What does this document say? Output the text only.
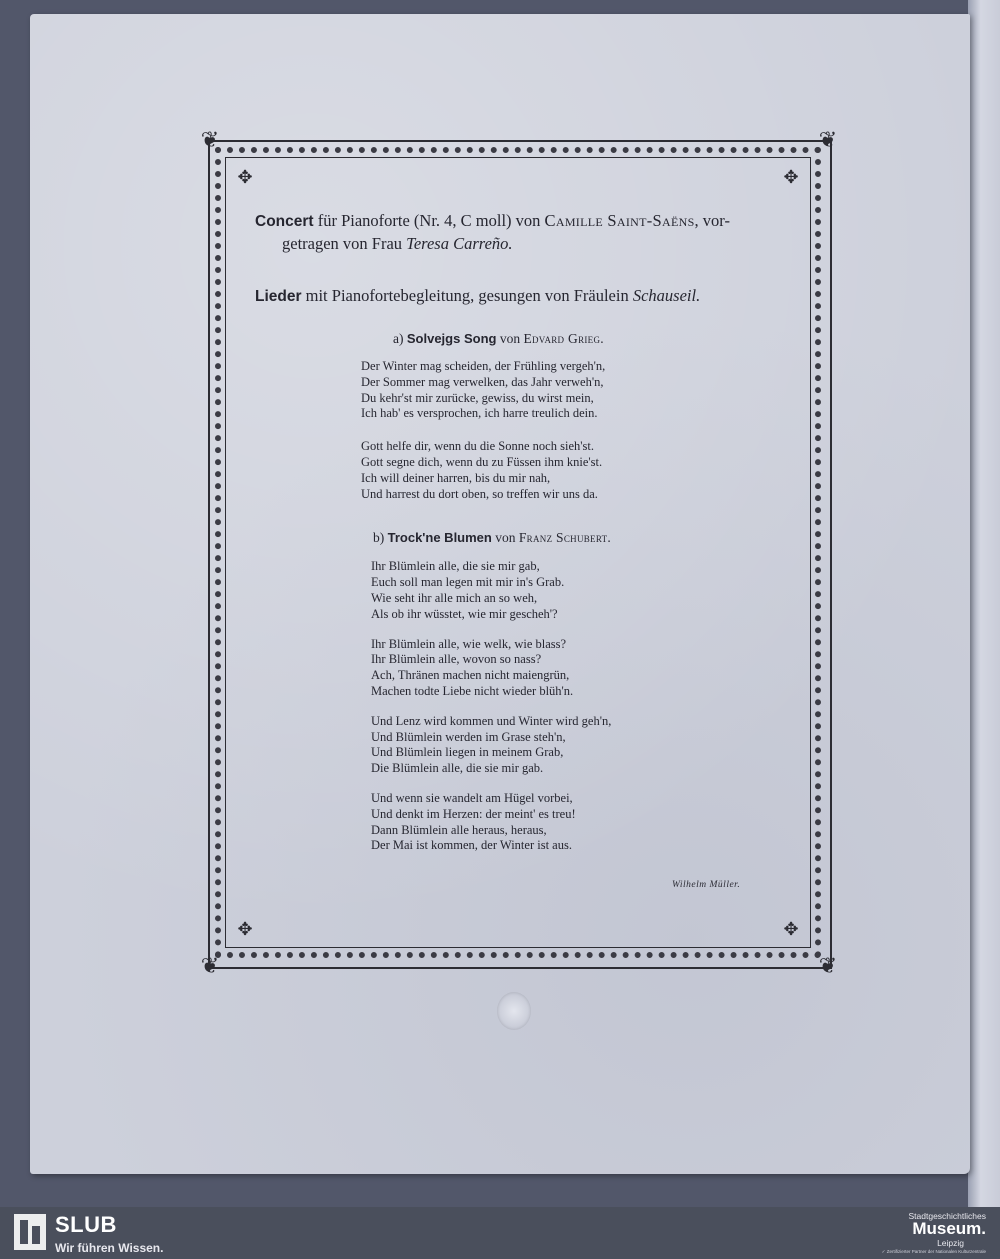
❦	❦
❦	❦
✥	✥
✥	✥

Concert für Pianoforte (Nr. 4, C moll) von Camille Saint-Saëns, vor-

getragen von Frau Teresa Carreño.

Lieder mit Pianofortebegleitung, gesungen von Fräulein Schauseil.

a) Solvejgs Song von Edvard Grieg.

Der Winter mag scheiden, der Frühling vergeh'n,
Der Sommer mag verwelken, das Jahr verweh'n,
Du kehr'st mir zurücke, gewiss, du wirst mein,
Ich hab' es versprochen, ich harre treulich dein.

Gott helfe dir, wenn du die Sonne noch sieh'st.
Gott segne dich, wenn du zu Füssen ihm knie'st.
Ich will deiner harren, bis du mir nah,
Und harrest du dort oben, so treffen wir uns da.

b) Trock'ne Blumen von Franz Schubert.

Ihr Blümlein alle, die sie mir gab,
Euch soll man legen mit mir in's Grab.
Wie seht ihr alle mich an so weh,
Als ob ihr wüsstet, wie mir gescheh'?

Ihr Blümlein alle, wie welk, wie blass?
Ihr Blümlein alle, wovon so nass?
Ach, Thränen machen nicht maiengrün,
Machen todte Liebe nicht wieder blüh'n.

Und Lenz wird kommen und Winter wird geh'n,
Und Blümlein werden im Grase steh'n,
Und Blümlein liegen in meinem Grab,
Die Blümlein alle, die sie mir gab.

Und wenn sie wandelt am Hügel vorbei,
Und denkt im Herzen: der meint' es treu!
Dann Blümlein alle heraus, heraus,
Der Mai ist kommen, der Winter ist aus.

Wilhelm Müller.
SLUB
Wir führen Wissen.
Stadtgeschichtliches
Museum.
Leipzig
✓ Zertifizierter Partner der Nationalen Kulturzentrale
